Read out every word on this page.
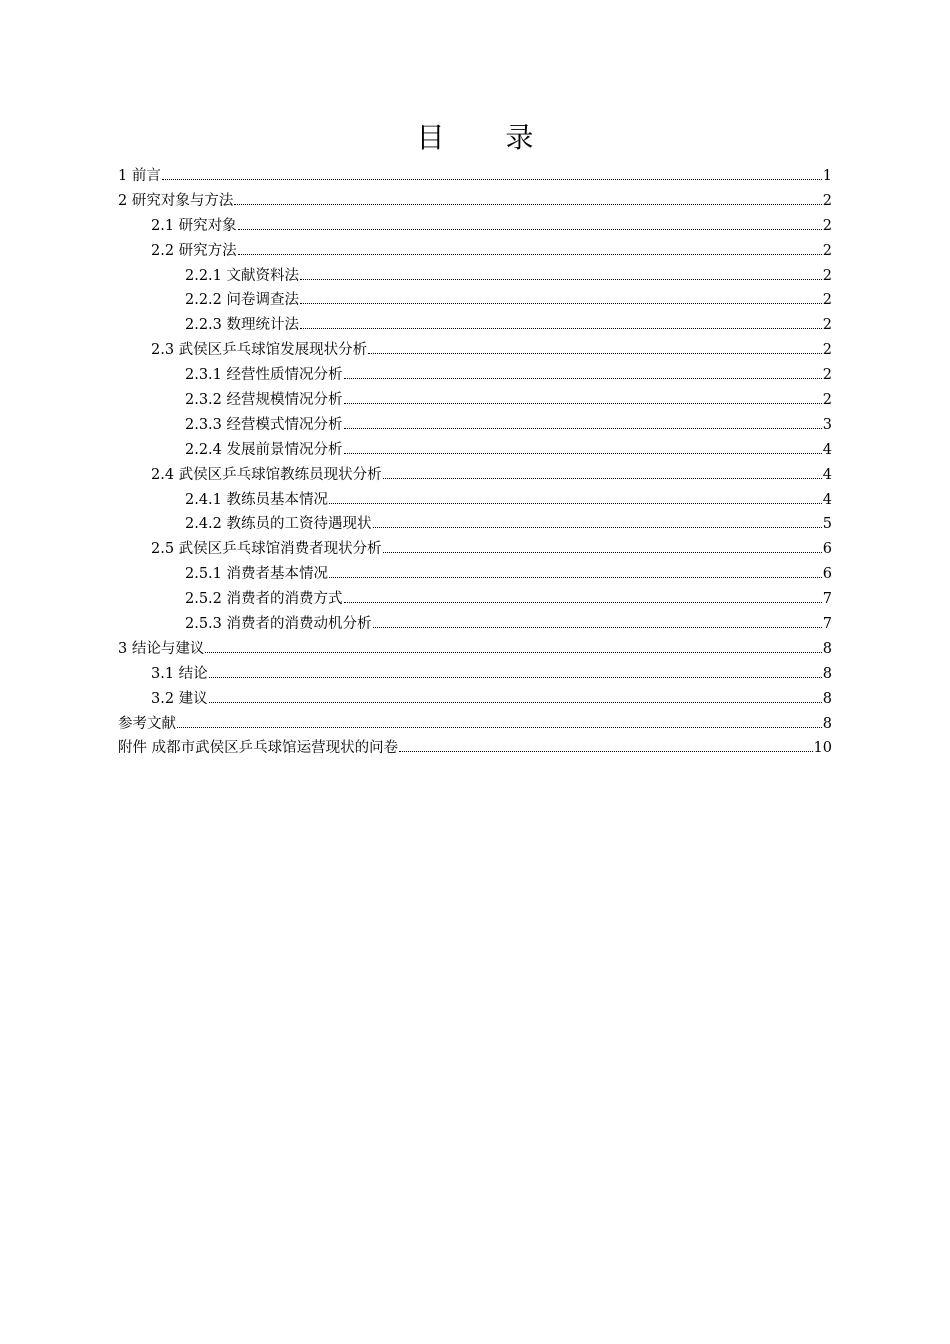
目 录
1 前言	1
2 研究对象与方法	2
2.1 研究对象	2
2.2 研究方法	2
2.2.1 文献资料法	2
2.2.2 问卷调查法	2
2.2.3 数理统计法	2
2.3 武侯区乒乓球馆发展现状分析	2
2.3.1 经营性质情况分析	2
2.3.2 经营规模情况分析	2
2.3.3 经营模式情况分析	3
2.2.4 发展前景情况分析	4
2.4 武侯区乒乓球馆教练员现状分析	4
2.4.1 教练员基本情况	4
2.4.2 教练员的工资待遇现状	5
2.5 武侯区乒乓球馆消费者现状分析	6
2.5.1 消费者基本情况	6
2.5.2 消费者的消费方式	7
2.5.3 消费者的消费动机分析	7
3 结论与建议	8
3.1 结论	8
3.2 建议	8
参考文献	8
附件 成都市武侯区乒乓球馆运营现状的问卷	10
